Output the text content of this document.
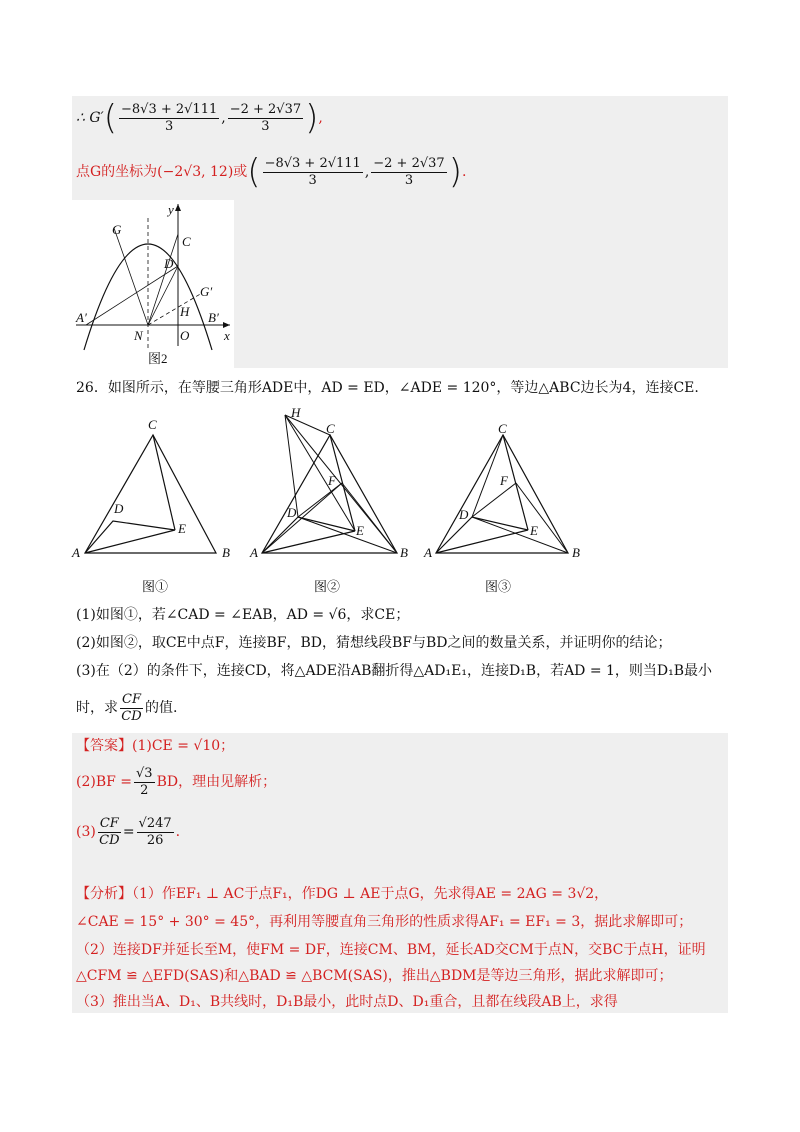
∴ G′ ( $\frac{-8√3 + 2√111}{3}$ , $\frac{-2 + 2√37}{3}$ ) ,
点G的坐标为(−2√3, 12)或 ( $\frac{-8√3 + 2√111}{3}$ , $\frac{-2 + 2√37}{3}$ ) .
y
G
C
D
G′
H
A′
N	O
B′
x
图2
26．如图所示，在等腰三角形ADE中，AD = ED，∠ADE = 120°，等边△ABC边长为4，连接CE.
A	B
C
D
E
A	B
C
D
E
F
H
A	B
C
D
E
F
图①	图②	图③
(1)如图①，若∠CAD = ∠EAB，AD = √6，求CE；
(2)如图②，取CE中点F，连接BF，BD，猜想线段BF与BD之间的数量关系，并证明你的结论；
(3)在（2）的条件下，连接CD，将△ADE沿AB翻折得△AD₁E₁，连接D₁B，若AD = 1，则当D₁B最小
时，求 $\frac{CF}{CD}$ 的值.
【答案】(1)CE = √10；
$(2)BF = \frac{√3}{2}$ BD，理由见解析；
$(3) \frac{CF}{CD} = \frac{√247}{26}$ .
【分析】（1）作EF₁ ⊥ AC于点F₁，作DG ⊥ AE于点G，先求得AE = 2AG = 3√2，
∠CAE = 15° + 30° = 45°，再利用等腰直角三角形的性质求得AF₁ = EF₁ = 3，据此求解即可；
（2）连接DF并延长至M，使FM = DF，连接CM、BM，延长AD交CM于点N，交BC于点H，证明
△CFM ≌ △EFD(SAS)和△BAD ≌ △BCM(SAS)，推出△BDM是等边三角形，据此求解即可；
（3）推出当A、D₁、B共线时，D₁B最小，此时点D、D₁重合，且都在线段AB上，求得
